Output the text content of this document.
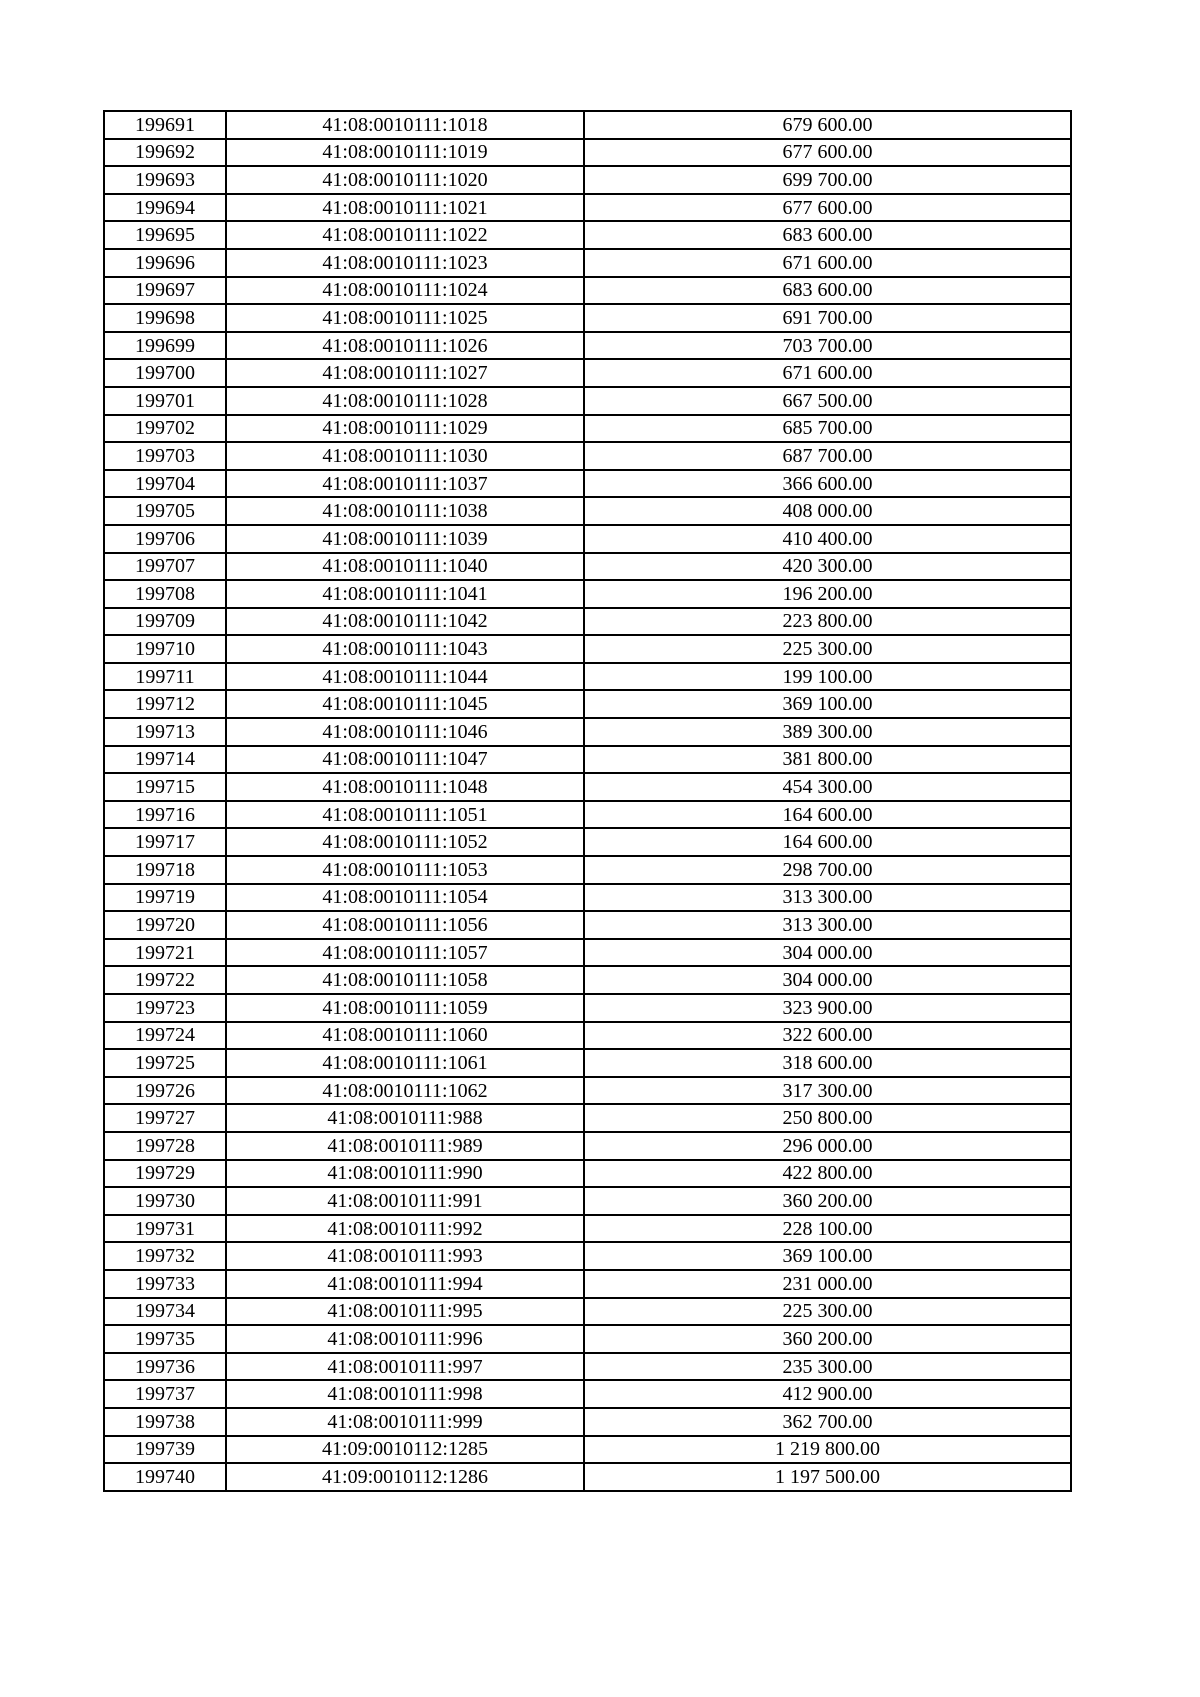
199691	41:08:0010111:1018	679 600.00
199692	41:08:0010111:1019	677 600.00
199693	41:08:0010111:1020	699 700.00
199694	41:08:0010111:1021	677 600.00
199695	41:08:0010111:1022	683 600.00
199696	41:08:0010111:1023	671 600.00
199697	41:08:0010111:1024	683 600.00
199698	41:08:0010111:1025	691 700.00
199699	41:08:0010111:1026	703 700.00
199700	41:08:0010111:1027	671 600.00
199701	41:08:0010111:1028	667 500.00
199702	41:08:0010111:1029	685 700.00
199703	41:08:0010111:1030	687 700.00
199704	41:08:0010111:1037	366 600.00
199705	41:08:0010111:1038	408 000.00
199706	41:08:0010111:1039	410 400.00
199707	41:08:0010111:1040	420 300.00
199708	41:08:0010111:1041	196 200.00
199709	41:08:0010111:1042	223 800.00
199710	41:08:0010111:1043	225 300.00
199711	41:08:0010111:1044	199 100.00
199712	41:08:0010111:1045	369 100.00
199713	41:08:0010111:1046	389 300.00
199714	41:08:0010111:1047	381 800.00
199715	41:08:0010111:1048	454 300.00
199716	41:08:0010111:1051	164 600.00
199717	41:08:0010111:1052	164 600.00
199718	41:08:0010111:1053	298 700.00
199719	41:08:0010111:1054	313 300.00
199720	41:08:0010111:1056	313 300.00
199721	41:08:0010111:1057	304 000.00
199722	41:08:0010111:1058	304 000.00
199723	41:08:0010111:1059	323 900.00
199724	41:08:0010111:1060	322 600.00
199725	41:08:0010111:1061	318 600.00
199726	41:08:0010111:1062	317 300.00
199727	41:08:0010111:988	250 800.00
199728	41:08:0010111:989	296 000.00
199729	41:08:0010111:990	422 800.00
199730	41:08:0010111:991	360 200.00
199731	41:08:0010111:992	228 100.00
199732	41:08:0010111:993	369 100.00
199733	41:08:0010111:994	231 000.00
199734	41:08:0010111:995	225 300.00
199735	41:08:0010111:996	360 200.00
199736	41:08:0010111:997	235 300.00
199737	41:08:0010111:998	412 900.00
199738	41:08:0010111:999	362 700.00
199739	41:09:0010112:1285	1 219 800.00
199740	41:09:0010112:1286	1 197 500.00
